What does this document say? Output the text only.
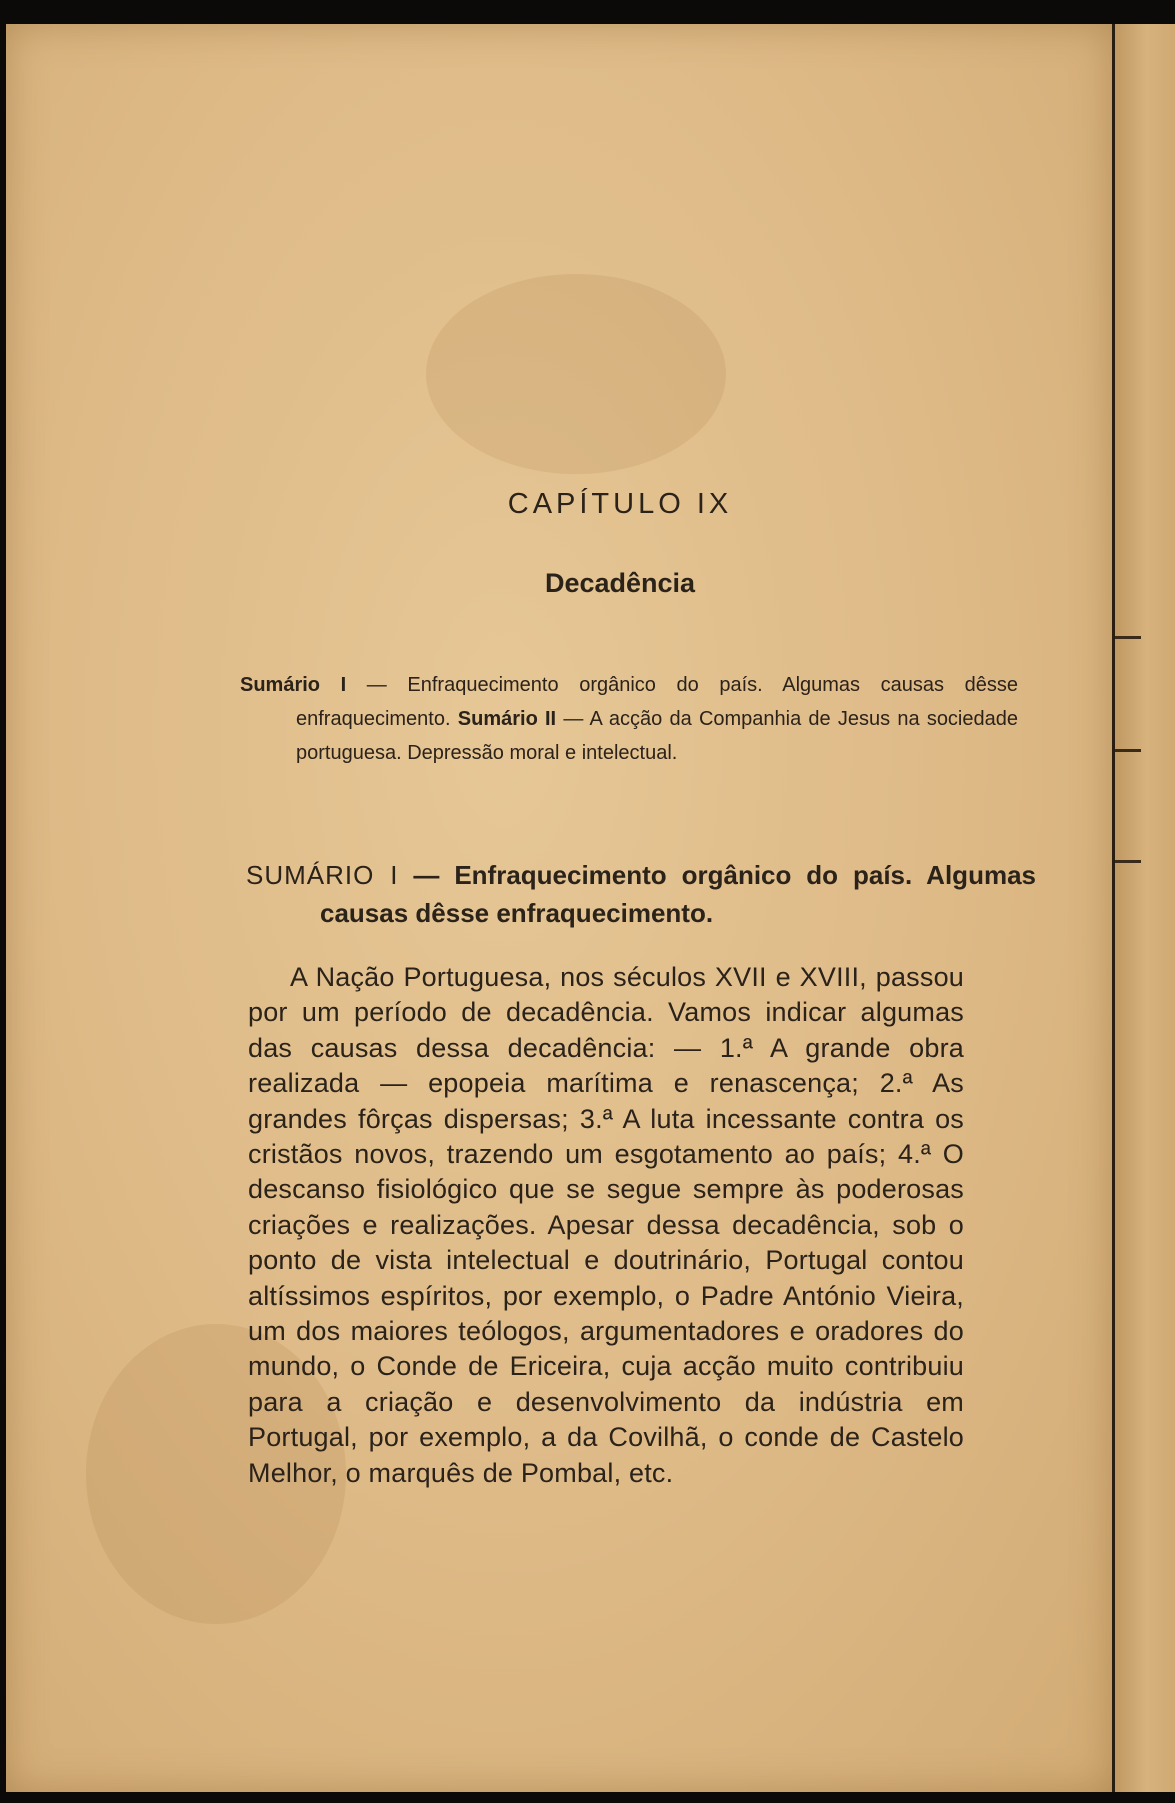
CAPÍTULO IX
Decadência
Sumário I — Enfraquecimento orgânico do país. Algumas causas dêsse enfraquecimento. Sumário II — A acção da Companhia de Jesus na sociedade portuguesa. Depressão moral e intelectual.
SUMÁRIO I — Enfraquecimento orgânico do país. Algumas causas dêsse enfraquecimento.
A Nação Portuguesa, nos séculos XVII e XVIII, passou por um período de decadência. Vamos indicar algumas das causas dessa decadência: — 1.ª A grande obra realizada — epopeia marítima e renascença; 2.ª As grandes fôrças dispersas; 3.ª A luta incessante contra os cristãos novos, trazendo um esgotamento ao país; 4.ª O descanso fisiológico que se segue sempre às poderosas criações e realizações. Apesar dessa decadência, sob o ponto de vista intelectual e doutrinário, Portugal contou altíssimos espíritos, por exemplo, o Padre António Vieira, um dos maiores teólogos, argumentadores e oradores do mundo, o Conde de Ericeira, cuja acção muito contribuiu para a criação e desenvolvimento da indústria em Portugal, por exemplo, a da Covilhã, o conde de Castelo Melhor, o marquês de Pombal, etc.
